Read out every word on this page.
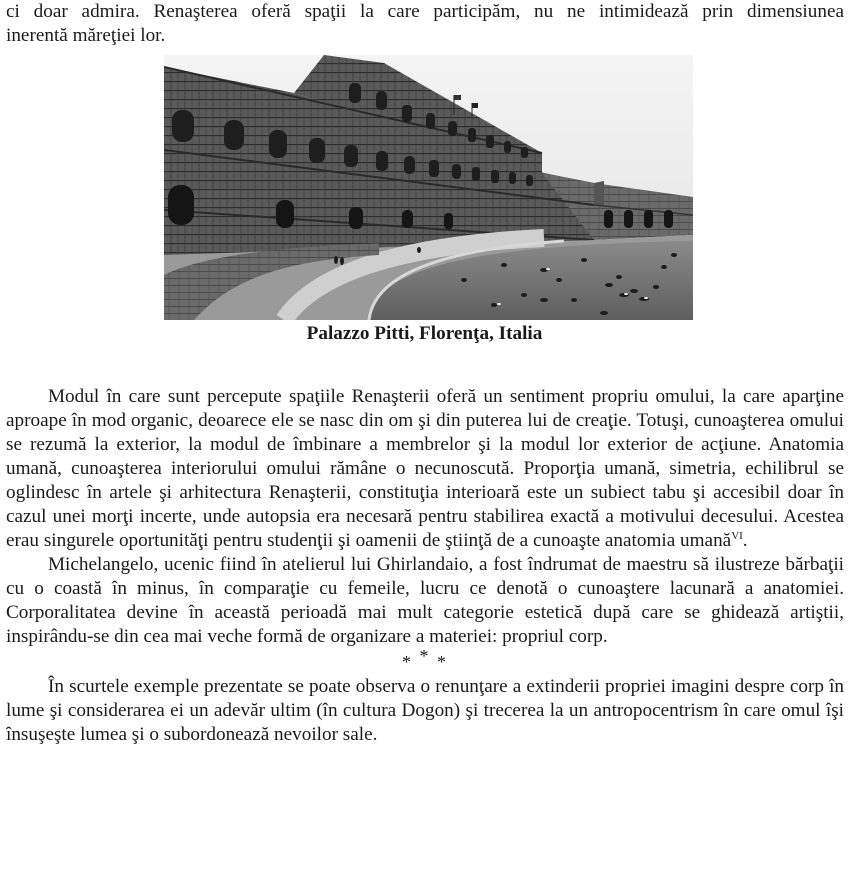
ci doar admira. Renaşterea oferă spaţii la care participăm, nu ne intimidează prin dimensiunea

inerentă măreţiei lor.

Palazzo Pitti, Florenţa, Italia

Modul în care sunt percepute spaţiile Renaşterii oferă un sentiment propriu omului, la care aparţine aproape în mod organic, deoarece ele se nasc din om şi din puterea lui de creaţie. Totuşi, cunoaşterea omului se rezumă la exterior, la modul de îmbinare a membrelor şi la modul lor exterior de acţiune. Anatomia umană, cunoaşterea interiorului omului rămâne o necunoscută. Proporţia umană, simetria, echilibrul se oglindesc în artele şi arhitectura Renaşterii, constituţia interioară este un subiect tabu şi accesibil doar în cazul unei morţi incerte, unde autopsia era necesară pentru stabilirea exactă a motivului decesului. Acestea erau singurele oportunităţi pentru studenţii şi oamenii de ştiinţă de a cunoaşte anatomia umană$^{VI}$.

Michelangelo, ucenic fiind în atelierul lui Ghirlandaio, a fost îndrumat de maestru să ilustreze bărbaţii cu o coastă în minus, în comparaţie cu femeile, lucru ce denotă o cunoaştere lacunară a anatomiei. Corporalitatea devine în această perioadă mai mult categorie estetică după care se ghidează artiştii, inspirându-se din cea mai veche formă de organizare a materiei: propriul corp.

* * *

În scurtele exemple prezentate se poate observa o renunţare a extinderii propriei imagini despre corp în lume şi considerarea ei un adevăr ultim (în cultura Dogon) şi trecerea la un antropocentrism în care omul îşi însuşeşte lumea şi o subordonează nevoilor sale.
